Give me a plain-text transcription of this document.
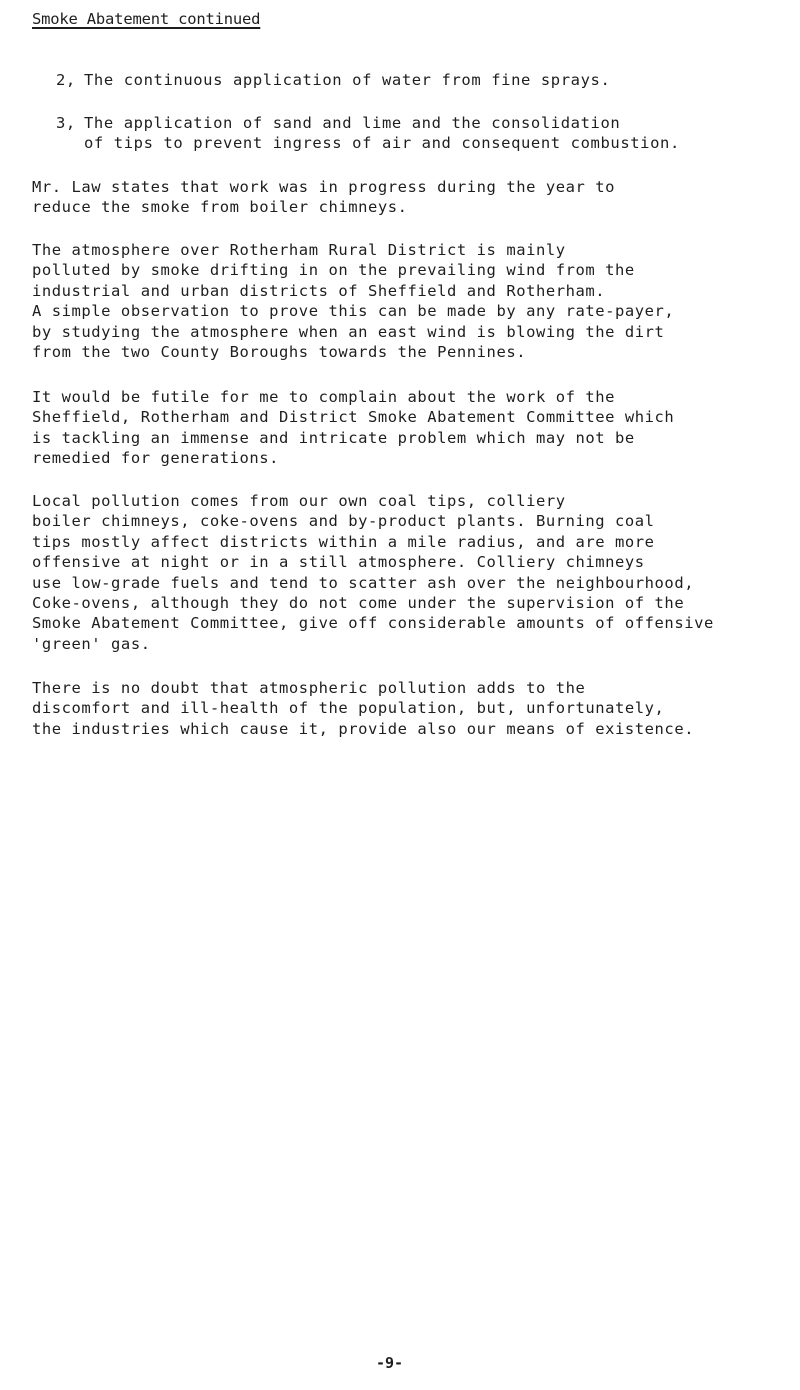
Smoke Abatement continued
2, The continuous application of water from fine sprays.
3, The application of sand and lime and the consolidation
of tips to prevent ingress of air and consequent combustion.
Mr. Law states that work was in progress during the year to
reduce the smoke from boiler chimneys.
The atmosphere over Rotherham Rural District is mainly
polluted by smoke drifting in on the prevailing wind from the
industrial and urban districts of Sheffield and Rotherham.
A simple observation to prove this can be made by any rate-payer,
by studying the atmosphere when an east wind is blowing the dirt
from the two County Boroughs towards the Pennines.
It would be futile for me to complain about the work of the
Sheffield, Rotherham and District Smoke Abatement Committee which
is tackling an immense and intricate problem which may not be
remedied for generations.
Local pollution comes from our own coal tips, colliery
boiler chimneys, coke-ovens and by-product plants. Burning coal
tips mostly affect districts within a mile radius, and are more
offensive at night or in a still atmosphere. Colliery chimneys
use low-grade fuels and tend to scatter ash over the neighbourhood,
Coke-ovens, although they do not come under the supervision of the
Smoke Abatement Committee, give off considerable amounts of offensive
'green' gas.
There is no doubt that atmospheric pollution adds to the
discomfort and ill-health of the population, but, unfortunately,
the industries which cause it, provide also our means of existence.
-9-
